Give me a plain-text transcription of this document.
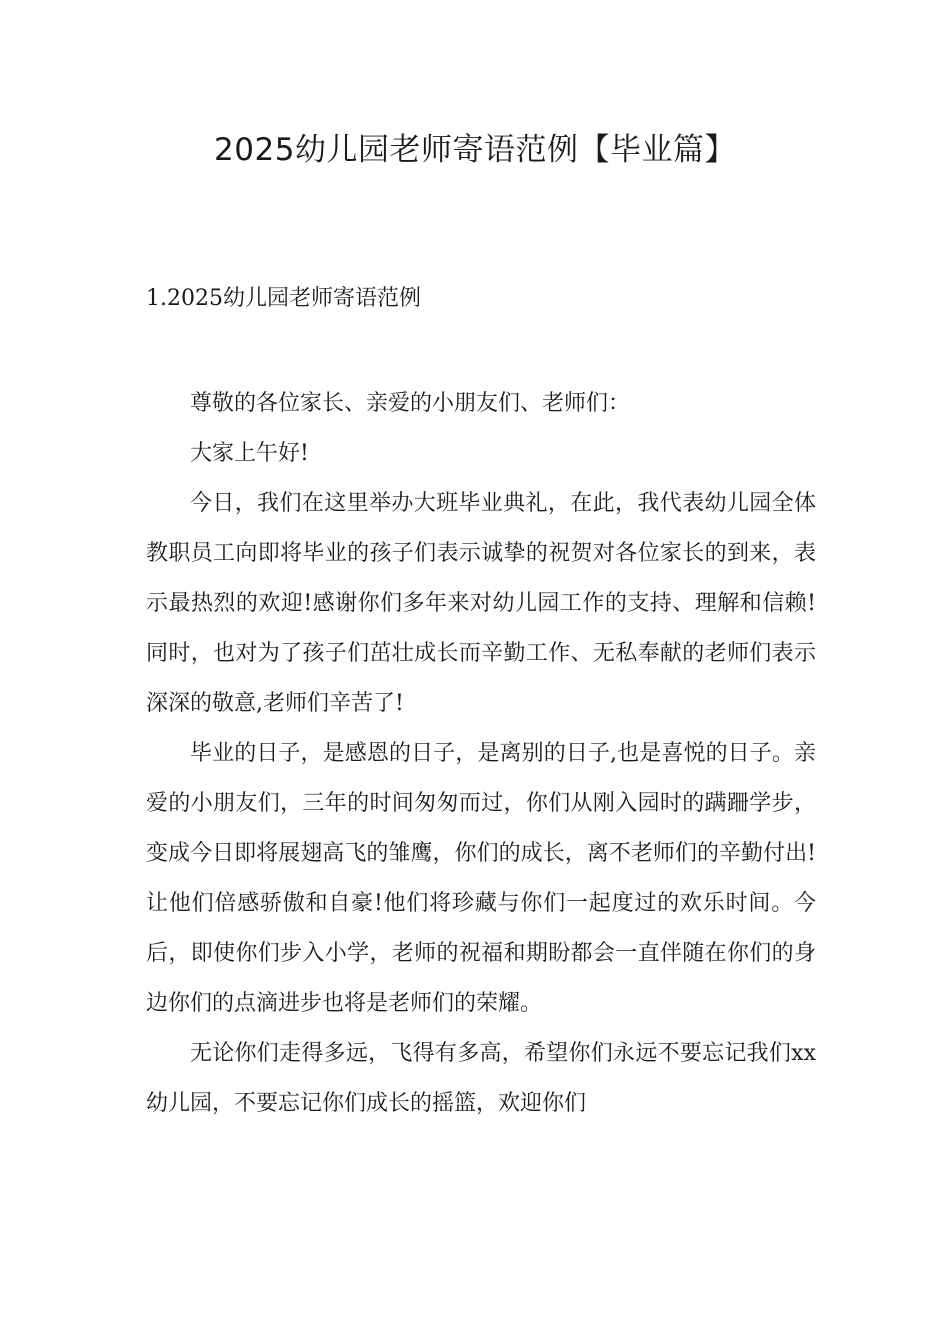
2025幼儿园老师寄语范例【毕业篇】
1.2025幼儿园老师寄语范例

尊敬的各位家长、亲爱的小朋友们、老师们：

大家上午好!

今日，我们在这里举办大班毕业典礼，在此，我代表幼儿园全体教职员工向即将毕业的孩子们表示诚挚的祝贺对各位家长的到来，表示最热烈的欢迎!感谢你们多年来对幼儿园工作的支持、理解和信赖!同时，也对为了孩子们茁壮成长而辛勤工作、无私奉献的老师们表示深深的敬意,老师们辛苦了!

毕业的日子，是感恩的日子，是离别的日子,也是喜悦的日子。亲爱的小朋友们，三年的时间匆匆而过，你们从刚入园时的蹒跚学步，变成今日即将展翅高飞的雏鹰，你们的成长，离不老师们的辛勤付出!让他们倍感骄傲和自豪!他们将珍藏与你们一起度过的欢乐时间。今后，即使你们步入小学，老师的祝福和期盼都会一直伴随在你们的身边你们的点滴进步也将是老师们的荣耀。

无论你们走得多远，飞得有多高，希望你们永远不要忘记我们xx幼儿园，不要忘记你们成长的摇篮，欢迎你们
